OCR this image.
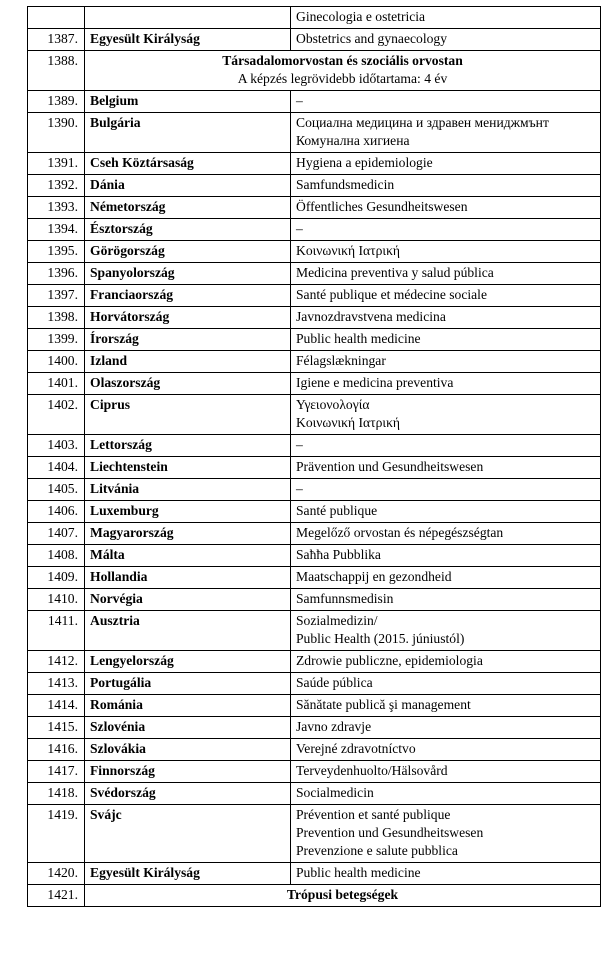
		Ginecologia e ostetricia
1387.	Egyesült Királyság	Obstetrics and gynaecology
1388.	Társadalomorvostan és szociális orvostan
A képzés legrövidebb időtartama: 4 év	

1389.	Belgium	–
1390.	Bulgária	Социална медицина и здравен мениджмънт
Комунална хигиена
1391.	Cseh Köztársaság	Hygiena a epidemiologie
1392.	Dánia	Samfundsmedicin
1393.	Németország	Öffentliches Gesundheitswesen
1394.	Észtország	–
1395.	Görögország	Κοινωνική Ιατρική
1396.	Spanyolország	Medicina preventiva y salud pública
1397.	Franciaország	Santé publique et médecine sociale
1398.	Horvátország	Javnozdravstvena medicina
1399.	Írország	Public health medicine
1400.	Izland	Félagslækningar
1401.	Olaszország	Igiene e medicina preventiva
1402.	Ciprus	Υγειονολογία
Κοινωνική Ιατρική
1403.	Lettország	–
1404.	Liechtenstein	Prävention und Gesundheitswesen
1405.	Litvánia	–
1406.	Luxemburg	Santé publique
1407.	Magyarország	Megelőző orvostan és népegészségtan
1408.	Málta	Saħħa Pubblika
1409.	Hollandia	Maatschappij en gezondheid
1410.	Norvégia	Samfunnsmedisin
1411.	Ausztria	Sozialmedizin/
Public Health (2015. júniustól)
1412.	Lengyelország	Zdrowie publiczne, epidemiologia
1413.	Portugália	Saúde pública
1414.	Románia	Sănătate publică şi management
1415.	Szlovénia	Javno zdravje
1416.	Szlovákia	Verejné zdravotníctvo
1417.	Finnország	Terveydenhuolto/Hälsovård
1418.	Svédország	Socialmedicin
1419.	Svájc	Prévention et santé publique
Prevention und Gesundheitswesen
Prevenzione e salute pubblica
1420.	Egyesült Királyság	Public health medicine
1421.	Trópusi betegségek	
